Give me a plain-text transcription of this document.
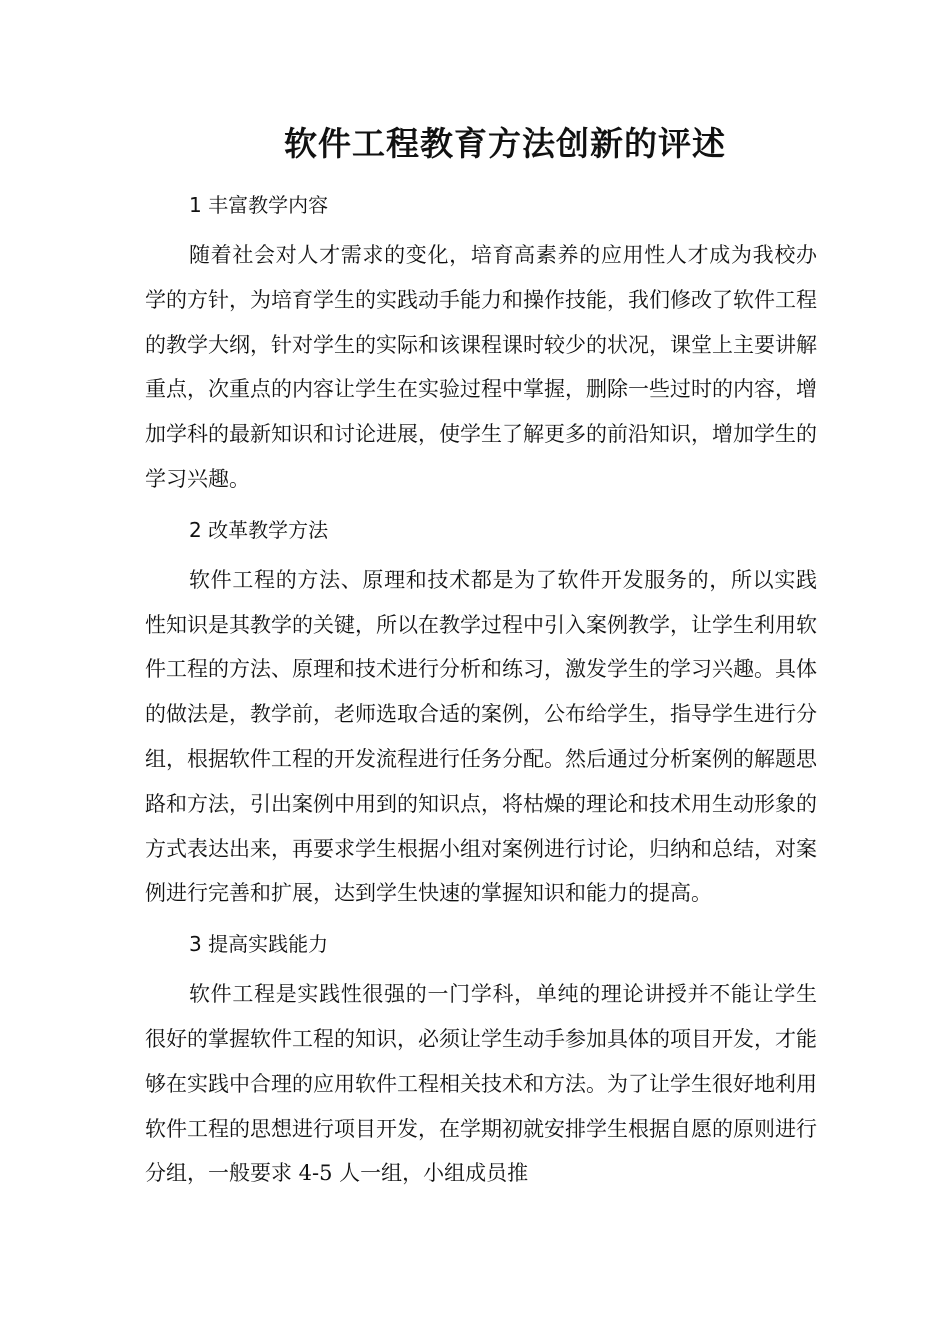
软件工程教育方法创新的评述

1 丰富教学内容

随着社会对人才需求的变化，培育高素养的应用性人才成为我校办学的方针，为培育学生的实践动手能力和操作技能，我们修改了软件工程的教学大纲，针对学生的实际和该课程课时较少的状况，课堂上主要讲解重点，次重点的内容让学生在实验过程中掌握，删除一些过时的内容，增加学科的最新知识和讨论进展，使学生了解更多的前沿知识，增加学生的学习兴趣。

2 改革教学方法

软件工程的方法、原理和技术都是为了软件开发服务的，所以实践性知识是其教学的关键，所以在教学过程中引入案例教学，让学生利用软件工程的方法、原理和技术进行分析和练习，激发学生的学习兴趣。具体的做法是，教学前，老师选取合适的案例，公布给学生，指导学生进行分组，根据软件工程的开发流程进行任务分配。然后通过分析案例的解题思路和方法，引出案例中用到的知识点，将枯燥的理论和技术用生动形象的方式表达出来，再要求学生根据小组对案例进行讨论，归纳和总结，对案例进行完善和扩展，达到学生快速的掌握知识和能力的提高。

3 提高实践能力

软件工程是实践性很强的一门学科，单纯的理论讲授并不能让学生很好的掌握软件工程的知识，必须让学生动手参加具体的项目开发，才能够在实践中合理的应用软件工程相关技术和方法。为了让学生很好地利用软件工程的思想进行项目开发，在学期初就安排学生根据自愿的原则进行分组，一般要求 4-5 人一组，小组成员推
